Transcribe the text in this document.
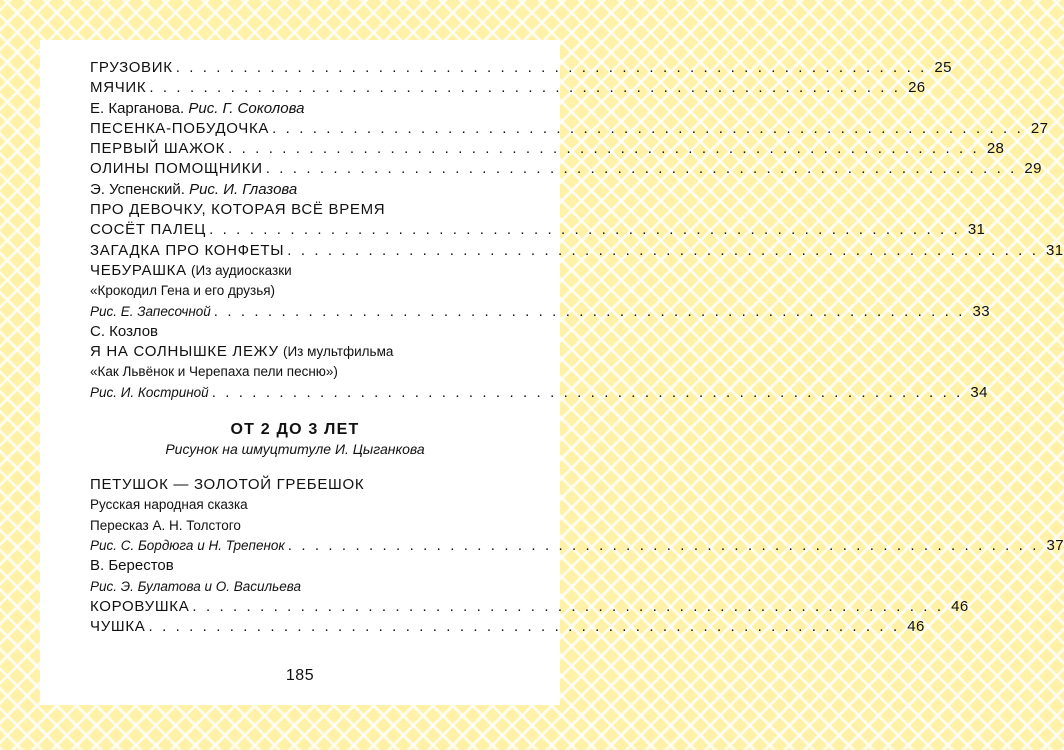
ГРУЗОВИК . . . . . . . . . . . . . . . . . . . . . . . . . . . . . . . . . . . . . . . . . . . . . . . . . . . . . . . . 25
МЯЧИК . . . . . . . . . . . . . . . . . . . . . . . . . . . . . . . . . . . . . . . . . . . . . . . . . . . . . . . . 26
Е. Карганова.
Рис. Г. Соколова
ПЕСЕНКА-ПОБУДОЧКА . . . . . . . . . . . . . . . . . . . . . . . . . . . . . . . . . . . . . . . . . . . . . . . . . . . . . . . . 27
ПЕРВЫЙ ШАЖОК . . . . . . . . . . . . . . . . . . . . . . . . . . . . . . . . . . . . . . . . . . . . . . . . . . . . . . . . 28
ОЛИНЫ ПОМОЩНИКИ . . . . . . . . . . . . . . . . . . . . . . . . . . . . . . . . . . . . . . . . . . . . . . . . . . . . . . . . 29
Э. Успенский.
Рис. И. Глазова
ПРО ДЕВОЧКУ, КОТОРАЯ ВСЁ ВРЕМЯ
СОСЁТ ПАЛЕЦ . . . . . . . . . . . . . . . . . . . . . . . . . . . . . . . . . . . . . . . . . . . . . . . . . . . . . . . . 31
ЗАГАДКА ПРО КОНФЕТЫ . . . . . . . . . . . . . . . . . . . . . . . . . . . . . . . . . . . . . . . . . . . . . . . . . . . . . . . . 31
ЧЕБУРАШКА
(Из аудиосказки
«Крокодил Гена и его друзья)
Рис. Е. Запесочной . . . . . . . . . . . . . . . . . . . . . . . . . . . . . . . . . . . . . . . . . . . . . . . . . . . . . . . . 33
С. Козлов
Я НА СОЛНЫШКЕ ЛЕЖУ
(Из мультфильма
«Как Львёнок и Черепаха пели песню»)
Рис. И. Костриной . . . . . . . . . . . . . . . . . . . . . . . . . . . . . . . . . . . . . . . . . . . . . . . . . . . . . . . . 34
ОТ 2 ДО 3 ЛЕТ
Рисунок на шмуцтитуле И. Цыганкова
ПЕТУШОК — ЗОЛОТОЙ ГРЕБЕШОК
Русская народная сказка
Пересказ А. Н. Толстого
Рис. С. Бордюга и Н. Трепенок . . . . . . . . . . . . . . . . . . . . . . . . . . . . . . . . . . . . . . . . . . . . . . . . . . . . . . . . 37
В. Берестов
Рис. Э. Булатова и О. Васильева
КОРОВУШКА . . . . . . . . . . . . . . . . . . . . . . . . . . . . . . . . . . . . . . . . . . . . . . . . . . . . . . . . 46
ЧУШКА . . . . . . . . . . . . . . . . . . . . . . . . . . . . . . . . . . . . . . . . . . . . . . . . . . . . . . . . 46
185
